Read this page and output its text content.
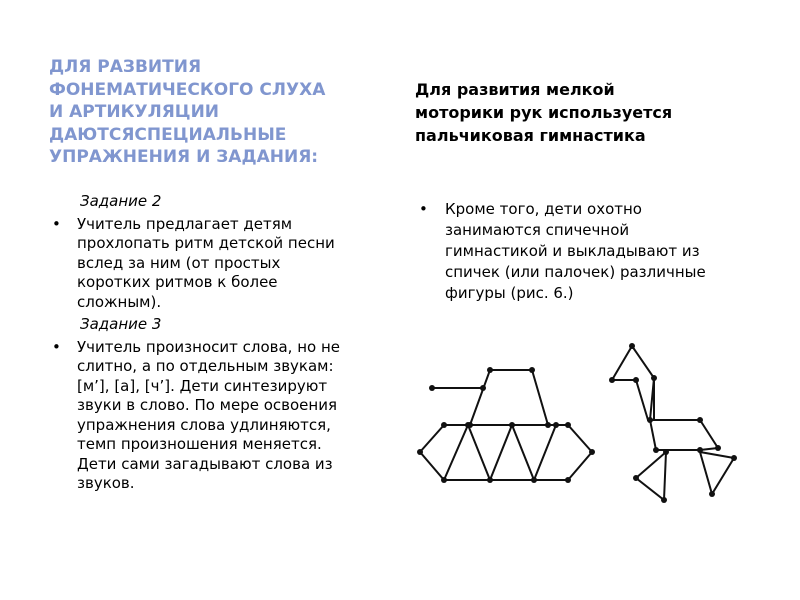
ДЛЯ РАЗВИТИЯ
ФОНЕМАТИЧЕСКОГО СЛУХА
И АРТИКУЛЯЦИИ
ДАЮТСЯСПЕЦИАЛЬНЫЕ
УПРАЖНЕНИЯ И ЗАДАНИЯ:
Задание 2
• Учитель предлагает детям
прохлопать ритм детской песни
вслед за ним (от простых
коротких ритмов к более
сложным).
Задание 3
• Учитель произносит слова, но не
слитно, а по отдельным звукам:
[м’], [а], [ч’]. Дети синтезируют
звуки в слово. По мере освоения
упражнения слова удлиняются,
темп произношения меняется.
Дети сами загадывают слова из
звуков.
Для развития мелкой
моторики рук используется
пальчиковая гимнастика
• Кроме того, дети охотно
занимаются спичечной
гимнастикой и выкладывают из
спичек (или палочек) различные
фигуры (рис. 6.)
